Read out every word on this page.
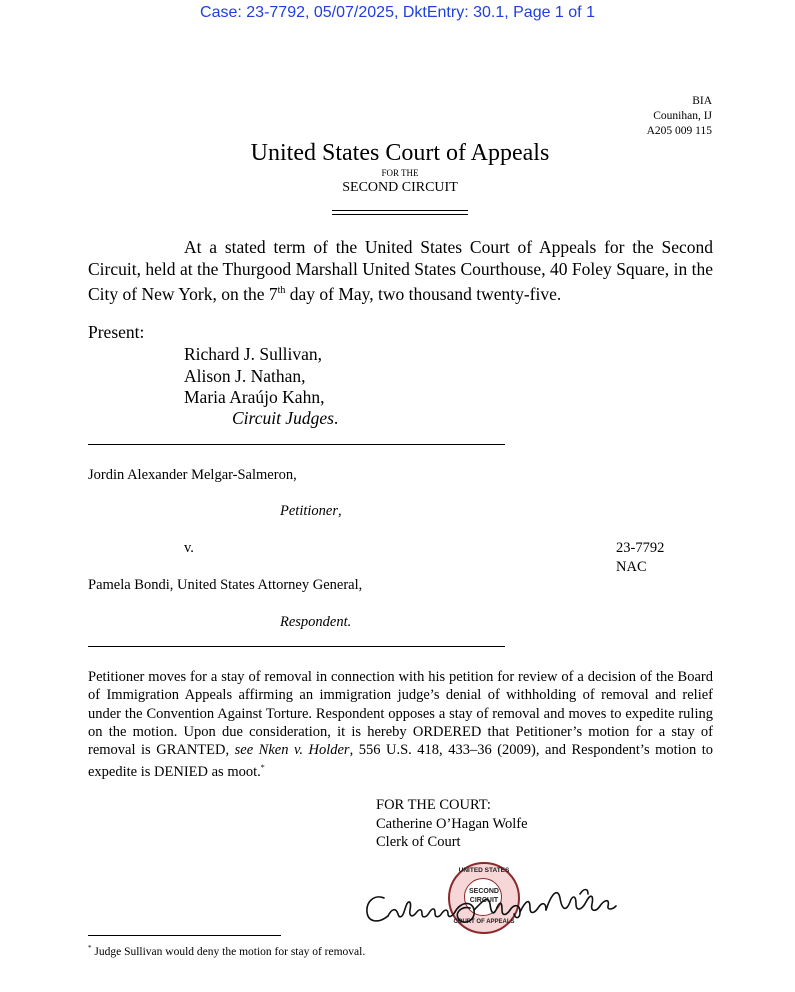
Case: 23-7792, 05/07/2025, DktEntry: 30.1, Page 1 of 1
BIA
Counihan, IJ
A205 009 115
United States Court of Appeals
FOR THE
SECOND CIRCUIT
At a stated term of the United States Court of Appeals for the Second Circuit, held at the Thurgood Marshall United States Courthouse, 40 Foley Square, in the City of New York, on the 7th day of May, two thousand twenty-five.
Present:
Richard J. Sullivan,
Alison J. Nathan,
Maria Araújo Kahn,
Circuit Judges.
Jordin Alexander Melgar-Salmeron,
Petitioner,
v.	23-7792
NAC
Pamela Bondi, United States Attorney General,
Respondent.
Petitioner moves for a stay of removal in connection with his petition for review of a decision of the Board of Immigration Appeals affirming an immigration judge’s denial of withholding of removal and relief under the Convention Against Torture. Respondent opposes a stay of removal and moves to expedite ruling on the motion. Upon due consideration, it is hereby ORDERED that Petitioner’s motion for a stay of removal is GRANTED, see Nken v. Holder, 556 U.S. 418, 433–36 (2009), and Respondent’s motion to expedite is DENIED as moot.*
FOR THE COURT:
Catherine O’Hagan Wolfe
Clerk of Court
UNITED STATES
SECOND
CIRCUIT
COURT OF APPEALS
* Judge Sullivan would deny the motion for stay of removal.
